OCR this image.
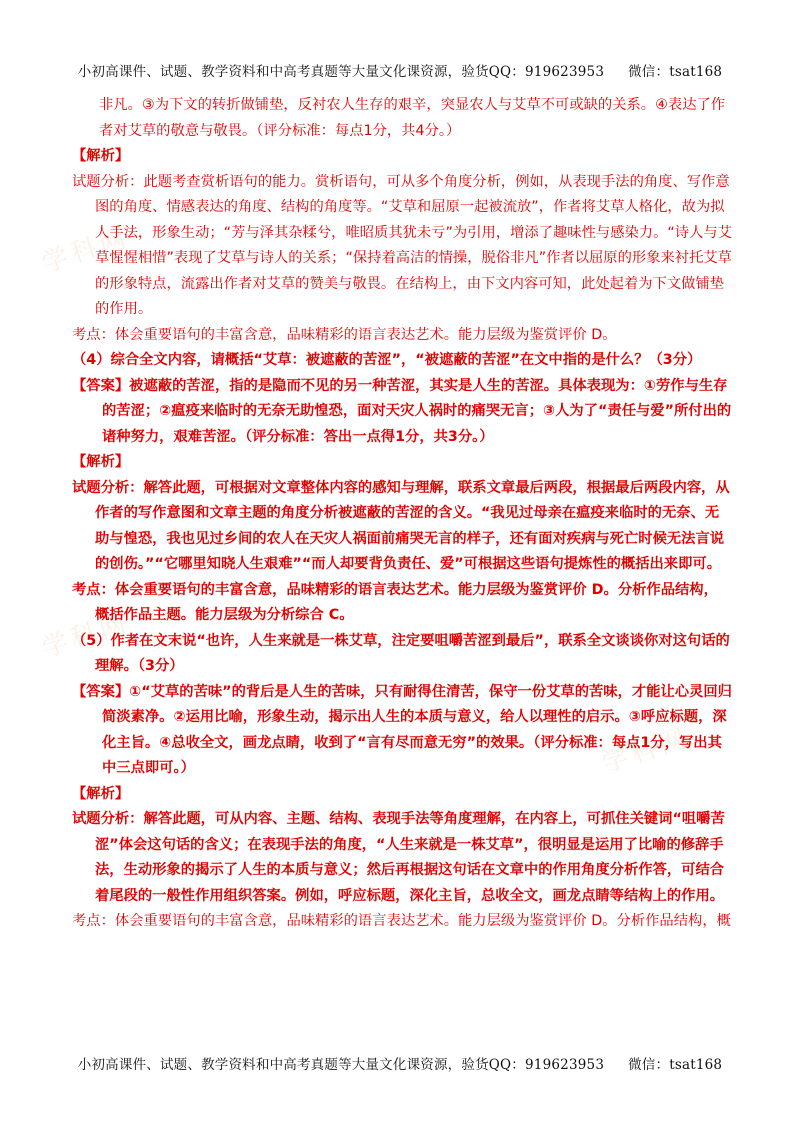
学科网
学科网
学科网
小初高课件、试题、教学资料和中高考真题等大量文化课资源，验货QQ：919623953 微信：tsat168
非凡。③为下文的转折做铺垫，反衬农人生存的艰辛，突显农人与艾草不可或缺的关系。④表达了作者对艾草的敬意与敬畏。（评分标准：每点1分，共4分。）
【解析】
试题分析：此题考查赏析语句的能力。赏析语句，可从多个角度分析，例如，从表现手法的角度、写作意图的角度、情感表达的角度、结构的角度等。“艾草和屈原一起被流放”，作者将艾草人格化，故为拟人手法，形象生动；“芳与泽其杂糅兮，唯昭质其犹未亏”为引用，增添了趣味性与感染力。“诗人与艾草惺惺相惜”表现了艾草与诗人的关系；“保持着高洁的情操，脱俗非凡”作者以屈原的形象来衬托艾草的形象特点，流露出作者对艾草的赞美与敬畏。在结构上，由下文内容可知，此处起着为下文做铺垫的作用。
考点：体会重要语句的丰富含意，品味精彩的语言表达艺术。能力层级为鉴赏评价 D。
（4）综合全文内容，请概括“艾草：被遮蔽的苦涩”，“被遮蔽的苦涩”在文中指的是什么？（3分）
【答案】被遮蔽的苦涩，指的是隐而不见的另一种苦涩，其实是人生的苦涩。具体表现为：①劳作与生存的苦涩；②瘟疫来临时的无奈无助惶恐，面对天灾人祸时的痛哭无言；③人为了“责任与爱”所付出的诸种努力，艰难苦涩。（评分标准：答出一点得1分，共3分。）
【解析】
试题分析：解答此题，可根据对文章整体内容的感知与理解，联系文章最后两段，根据最后两段内容，从作者的写作意图和文章主题的角度分析被遮蔽的苦涩的含义。“我见过母亲在瘟疫来临时的无奈、无助与惶恐，我也见过乡间的农人在天灾人祸面前痛哭无言的样子，还有面对疾病与死亡时候无法言说的创伤。”“它哪里知晓人生艰难”“而人却要背负责任、爱”可根据这些语句提炼性的概括出来即可。
考点：体会重要语句的丰富含意，品味精彩的语言表达艺术。能力层级为鉴赏评价 D。分析作品结构，概括作品主题。能力层级为分析综合 C。
（5）作者在文末说“也许，人生来就是一株艾草，注定要咀嚼苦涩到最后”，联系全文谈谈你对这句话的理解。（3分）
【答案】①“艾草的苦味”的背后是人生的苦味，只有耐得住清苦，保守一份艾草的苦味，才能让心灵回归简淡素净。②运用比喻，形象生动，揭示出人生的本质与意义，给人以理性的启示。③呼应标题，深化主旨。④总收全文，画龙点睛，收到了“言有尽而意无穷”的效果。（评分标准：每点1分，写出其中三点即可。）
【解析】
试题分析：解答此题，可从内容、主题、结构、表现手法等角度理解，在内容上，可抓住关键词“咀嚼苦涩”体会这句话的含义；在表现手法的角度，“人生来就是一株艾草”，很明显是运用了比喻的修辞手法，生动形象的揭示了人生的本质与意义；然后再根据这句话在文章中的作用角度分析作答，可结合着尾段的一般性作用组织答案。例如，呼应标题，深化主旨，总收全文，画龙点睛等结构上的作用。
考点：体会重要语句的丰富含意，品味精彩的语言表达艺术。能力层级为鉴赏评价 D。分析作品结构，概
小初高课件、试题、教学资料和中高考真题等大量文化课资源，验货QQ：919623953 微信：tsat168
